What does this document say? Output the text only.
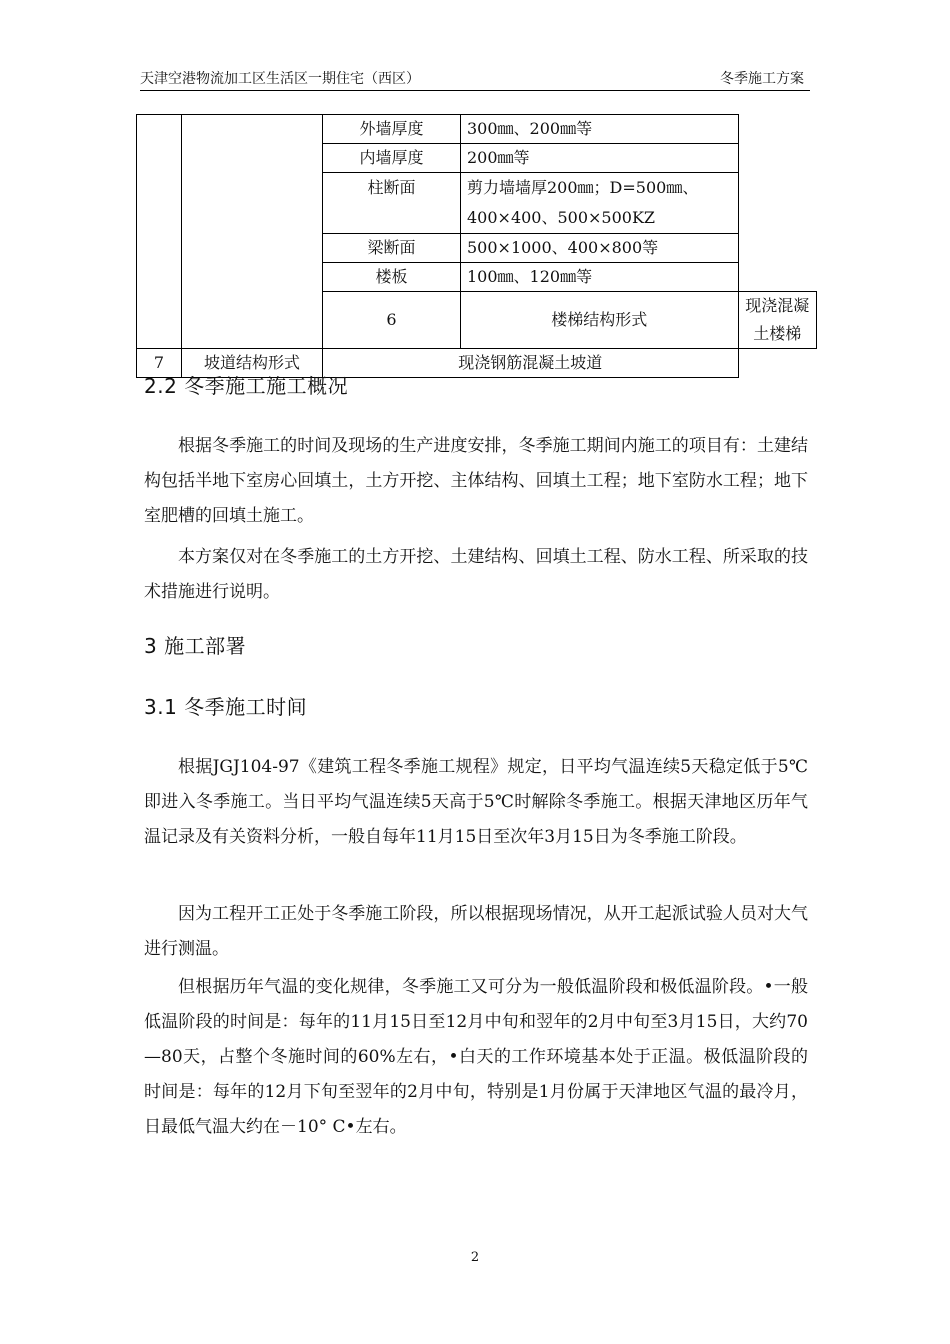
天津空港物流加工区生活区一期住宅（西区）	冬季施工方案
		外墙厚度	300㎜、200㎜等	
		内墙厚度	200㎜等	
		柱断面	剪力墙墙厚200㎜；D=500㎜、400×400、500×500KZ	
		梁断面	500×1000、400×800等	
		楼板	100㎜、120㎜等	
		6	楼梯结构形式	现浇混凝土楼梯
7	坡道结构形式	现浇钢筋混凝土坡道		
2.2 冬季施工施工概况

根据冬季施工的时间及现场的生产进度安排，冬季施工期间内施工的项目有：土建结构包括半地下室房心回填土，土方开挖、主体结构、回填土工程；地下室防水工程；地下室肥槽的回填土施工。

本方案仅对在冬季施工的土方开挖、土建结构、回填土工程、防水工程、所采取的技术措施进行说明。

3 施工部署
3.1 冬季施工时间

根据JGJ104-97《建筑工程冬季施工规程》规定，日平均气温连续5天稳定低于5℃即进入冬季施工。当日平均气温连续5天高于5℃时解除冬季施工。根据天津地区历年气温记录及有关资料分析，一般自每年11月15日至次年3月15日为冬季施工阶段。

因为工程开工正处于冬季施工阶段，所以根据现场情况，从开工起派试验人员对大气进行测温。

但根据历年气温的变化规律，冬季施工又可分为一般低温阶段和极低温阶段。•一般低温阶段的时间是：每年的11月15日至12月中旬和翌年的2月中旬至3月15日，大约70—80天，占整个冬施时间的60%左右，•白天的工作环境基本处于正温。极低温阶段的时间是：每年的12月下旬至翌年的2月中旬，特别是1月份属于天津地区气温的最冷月，日最低气温大约在－10° C•左右。

2
